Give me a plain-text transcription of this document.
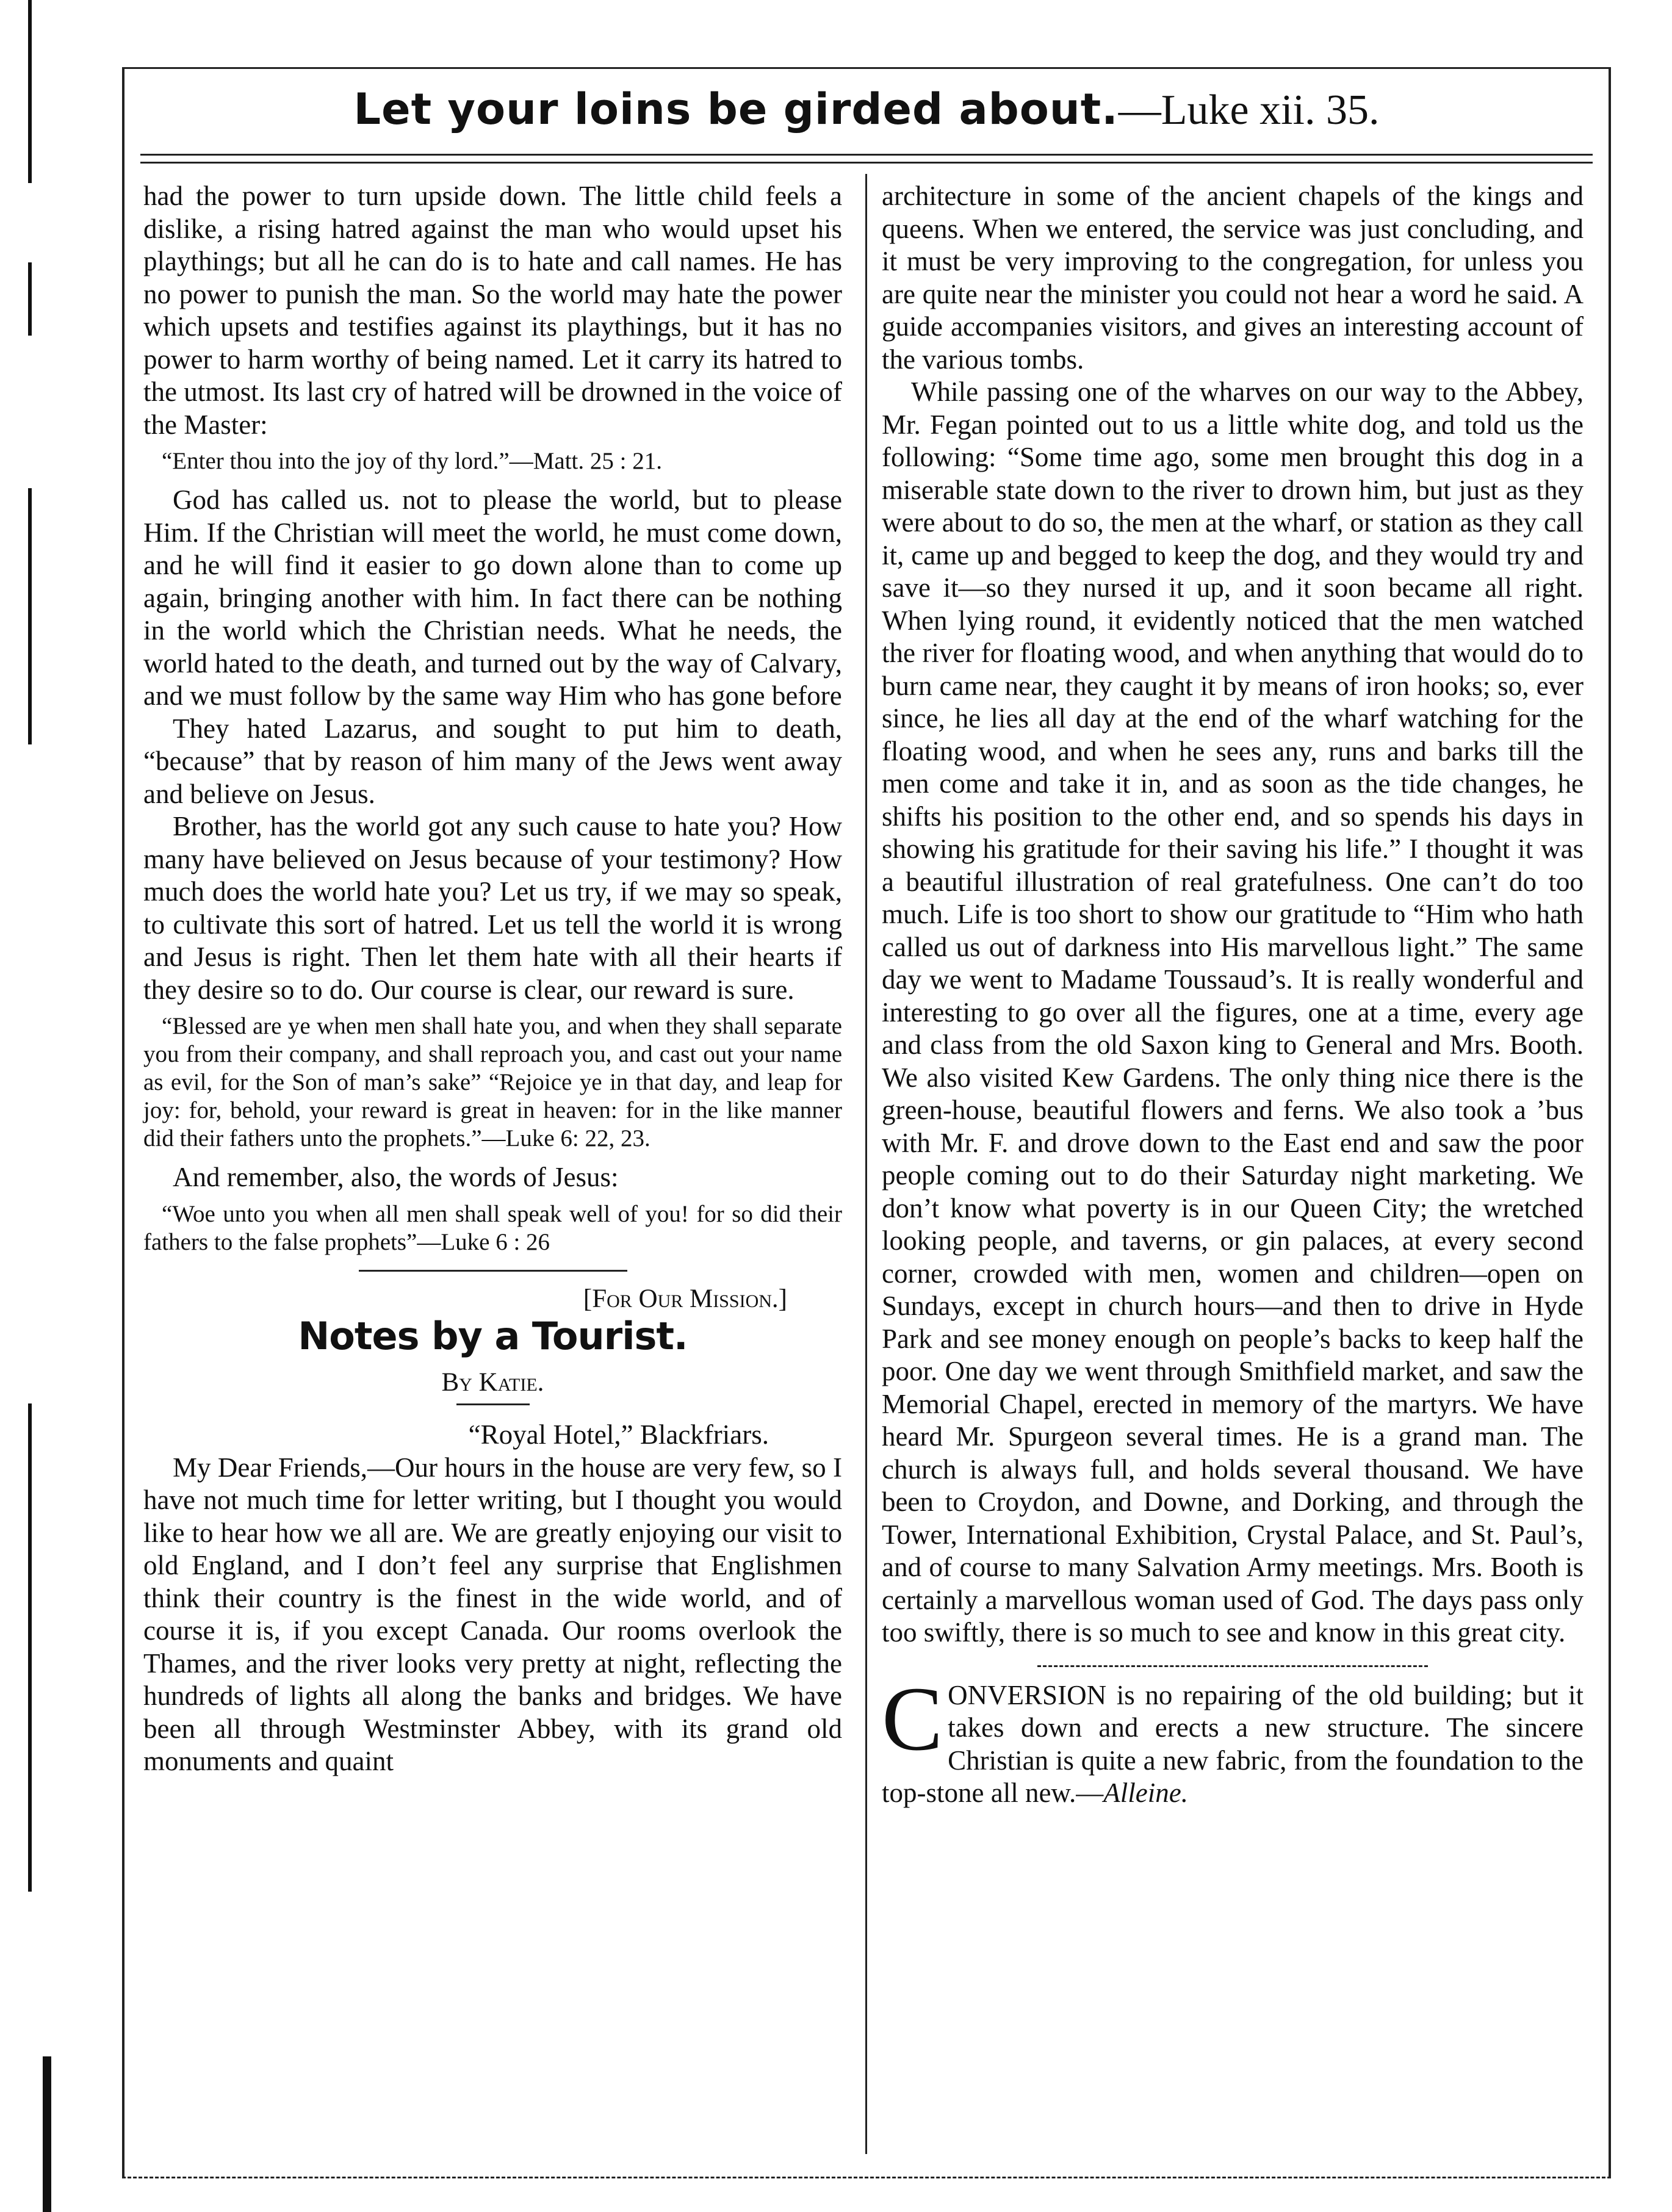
Let your loins be girded about.—Luke xii. 35.

had the power to turn upside down. The little child feels a dislike, a rising hatred against the man who would upset his playthings; but all he can do is to hate and call names. He has no power to punish the man. So the world may hate the power which upsets and testifies against its playthings, but it has no power to harm worthy of being named. Let it carry its hatred to the utmost. Its last cry of hatred will be drowned in the voice of the Master:

“Enter thou into the joy of thy lord.”—Matt. 25 : 21.

God has called us. not to please the world, but to please Him. If the Christian will meet the world, he must come down, and he will find it easier to go down alone than to come up again, bringing another with him. In fact there can be nothing in the world which the Christian needs. What he needs, the world hated to the death, and turned out by the way of Calvary, and we must follow by the same way Him who has gone before

They hated Lazarus, and sought to put him to death, “because” that by reason of him many of the Jews went away and believe on Jesus.

Brother, has the world got any such cause to hate you? How many have believed on Jesus because of your testimony? How much does the world hate you? Let us try, if we may so speak, to cultivate this sort of hatred. Let us tell the world it is wrong and Jesus is right. Then let them hate with all their hearts if they desire so to do. Our course is clear, our reward is sure.

“Blessed are ye when men shall hate you, and when they shall separate you from their company, and shall reproach you, and cast out your name as evil, for the Son of man’s sake” “Rejoice ye in that day, and leap for joy: for, behold, your reward is great in heaven: for in the like manner did their fathers unto the prophets.”—Luke 6: 22, 23.

And remember, also, the words of Jesus:

“Woe unto you when all men shall speak well of you! for so did their fathers to the false prophets”—Luke 6 : 26

[For Our Mission.]
Notes by a Tourist.
By Katie.
“Royal Hotel,” Blackfriars.

My Dear Friends,—Our hours in the house are very few, so I have not much time for letter writing, but I thought you would like to hear how we all are. We are greatly enjoying our visit to old England, and I don’t feel any surprise that Englishmen think their country is the finest in the wide world, and of course it is, if you except Canada. Our rooms overlook the Thames, and the river looks very pretty at night, reflecting the hundreds of lights all along the banks and bridges. We have been all through Westminster Abbey, with its grand old monuments and quaint

architecture in some of the ancient chapels of the kings and queens. When we entered, the service was just concluding, and it must be very improving to the congregation, for unless you are quite near the minister you could not hear a word he said. A guide accompanies visitors, and gives an interesting account of the various tombs.

While passing one of the wharves on our way to the Abbey, Mr. Fegan pointed out to us a little white dog, and told us the following: “Some time ago, some men brought this dog in a miserable state down to the river to drown him, but just as they were about to do so, the men at the wharf, or station as they call it, came up and begged to keep the dog, and they would try and save it—so they nursed it up, and it soon became all right. When lying round, it evidently noticed that the men watched the river for floating wood, and when anything that would do to burn came near, they caught it by means of iron hooks; so, ever since, he lies all day at the end of the wharf watching for the floating wood, and when he sees any, runs and barks till the men come and take it in, and as soon as the tide changes, he shifts his position to the other end, and so spends his days in showing his gratitude for their saving his life.” I thought it was a beautiful illustration of real gratefulness. One can’t do too much. Life is too short to show our gratitude to “Him who hath called us out of darkness into His marvellous light.” The same day we went to Madame Toussaud’s. It is really wonderful and interesting to go over all the figures, one at a time, every age and class from the old Saxon king to General and Mrs. Booth. We also visited Kew Gardens. The only thing nice there is the green-house, beautiful flowers and ferns. We also took a ’bus with Mr. F. and drove down to the East end and saw the poor people coming out to do their Saturday night marketing. We don’t know what poverty is in our Queen City; the wretched looking people, and taverns, or gin palaces, at every second corner, crowded with men, women and children—open on Sundays, except in church hours—and then to drive in Hyde Park and see money enough on people’s backs to keep half the poor. One day we went through Smithfield market, and saw the Memorial Chapel, erected in memory of the martyrs. We have heard Mr. Spurgeon several times. He is a grand man. The church is always full, and holds several thousand. We have been to Croydon, and Downe, and Dorking, and through the Tower, International Exhibition, Crystal Palace, and St. Paul’s, and of course to many Salvation Army meetings. Mrs. Booth is certainly a marvellous woman used of God. The days pass only too swiftly, there is so much to see and know in this great city.

CONVERSION is no repairing of the old building; but it takes down and erects a new structure. The sincere Christian is quite a new fabric, from the foundation to the top-stone all new.—Alleine.
